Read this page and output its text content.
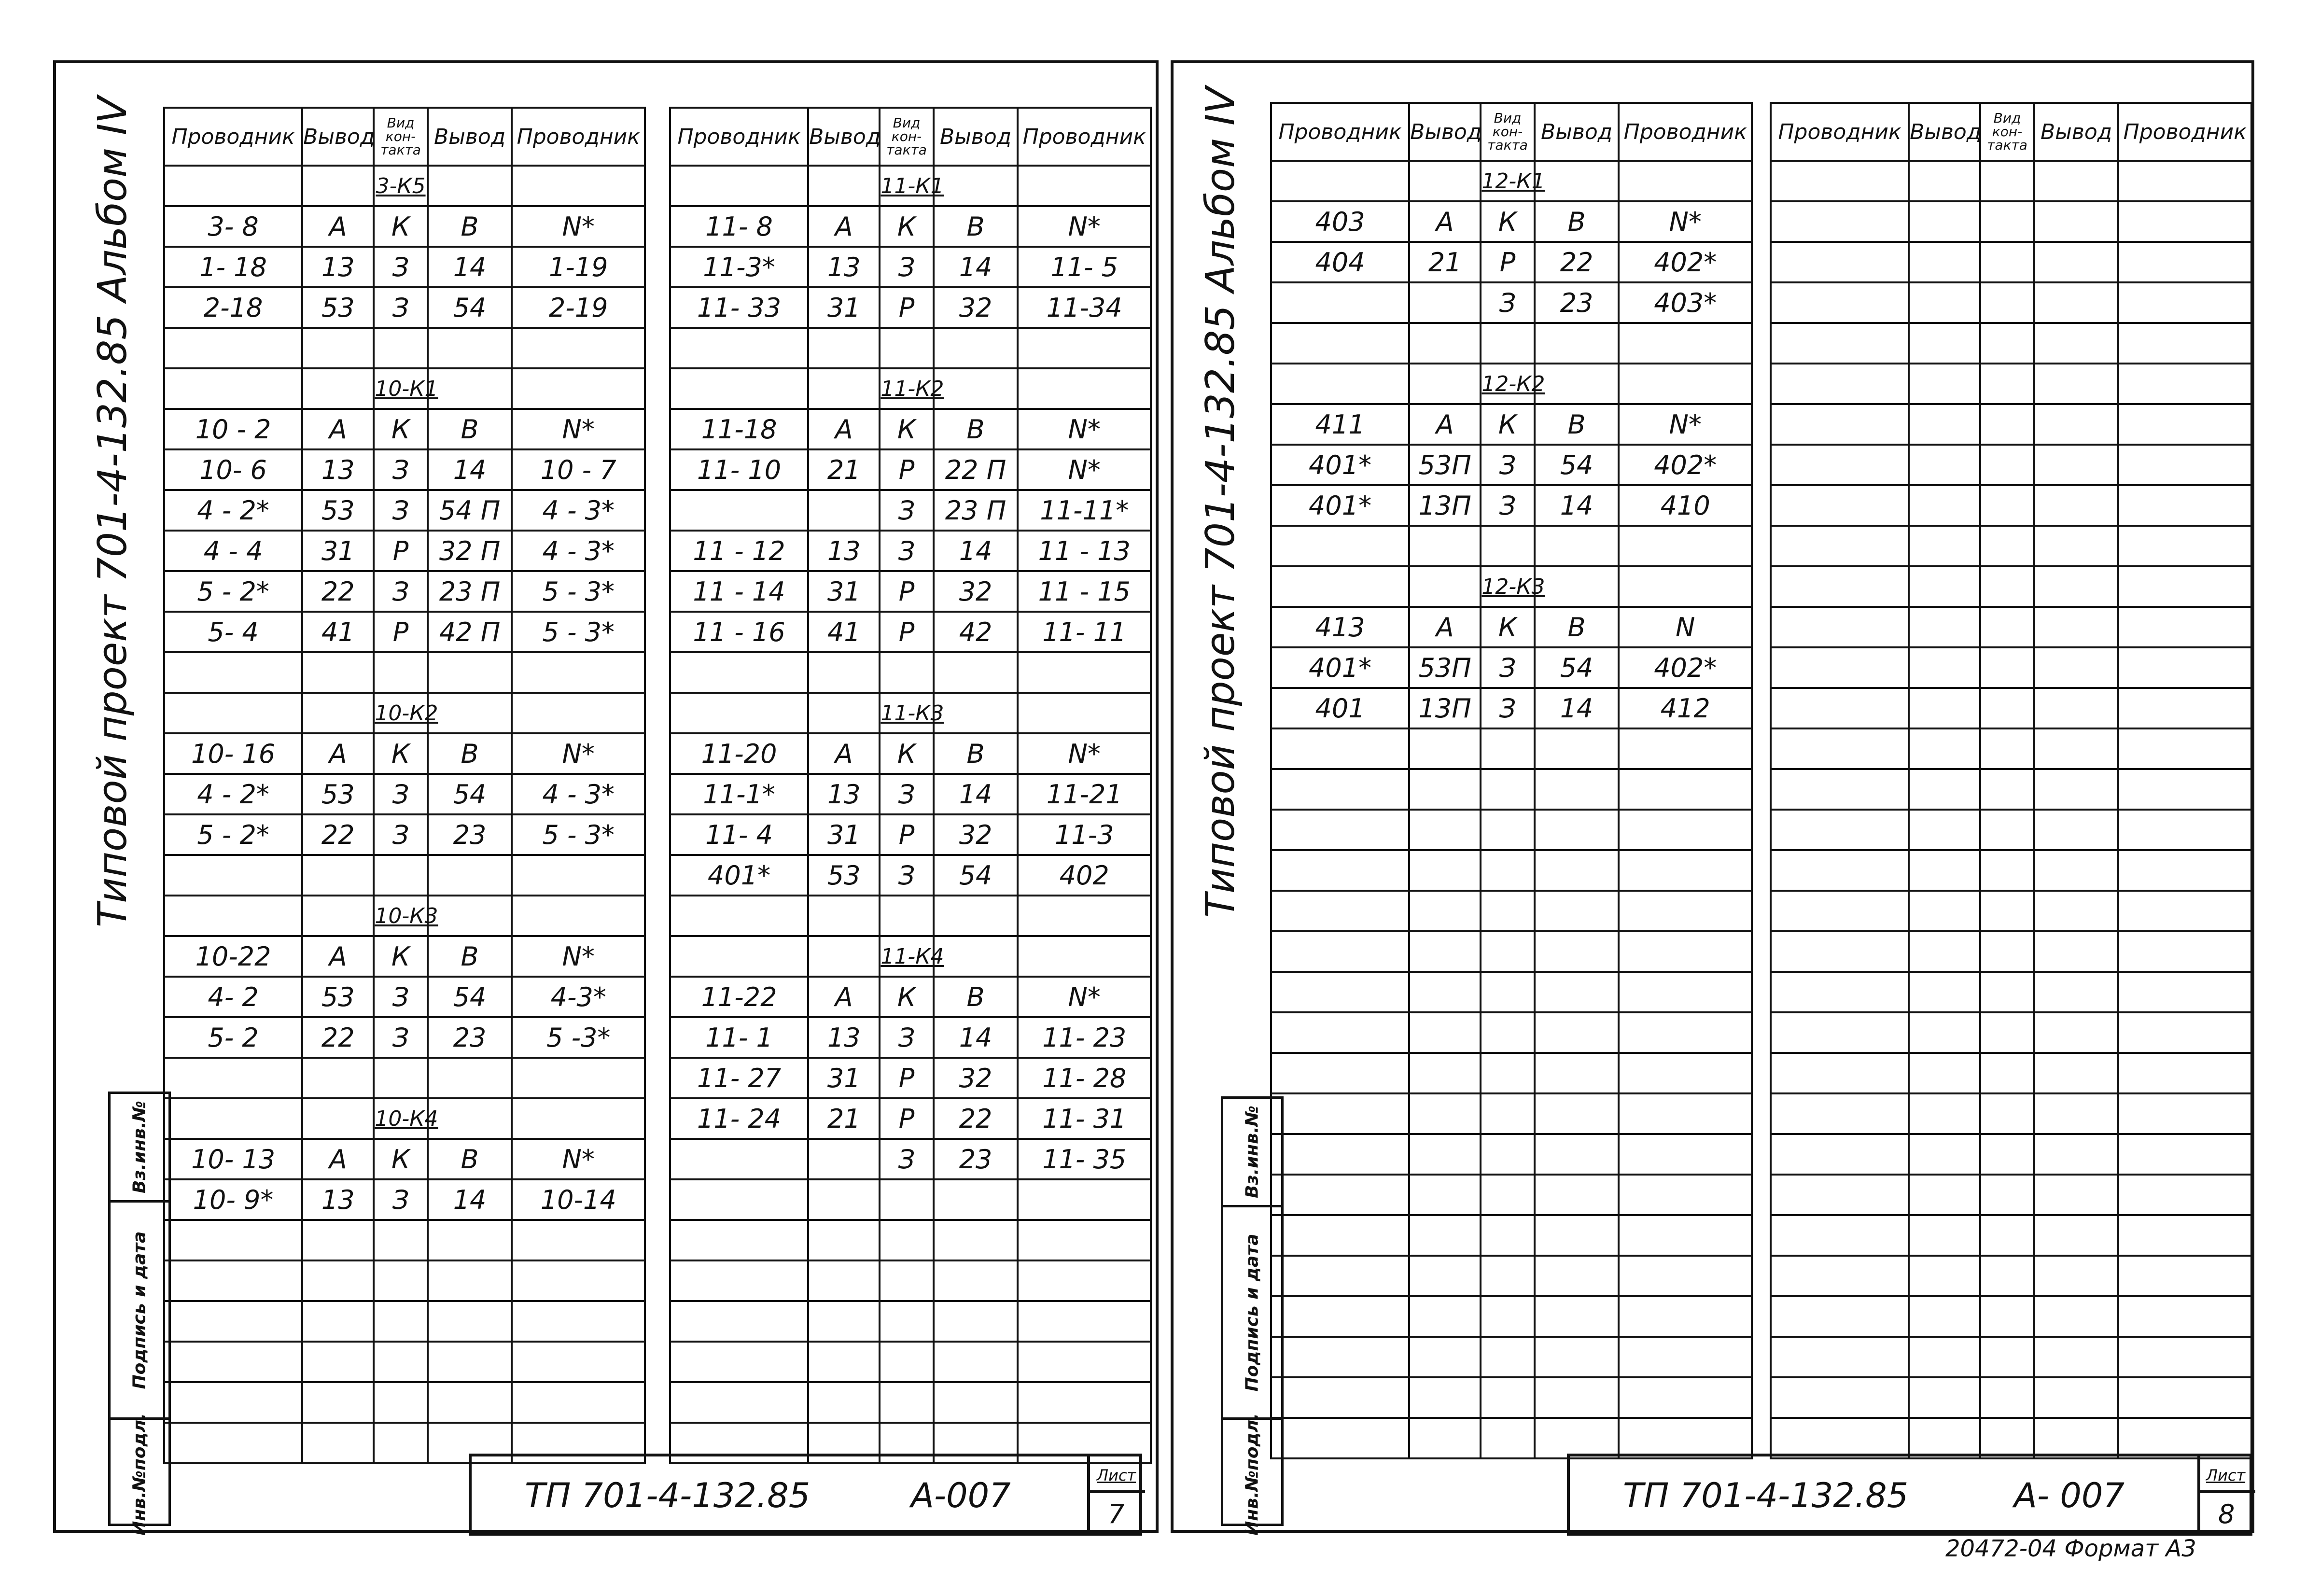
Типовой проект 701-4-132.85 Альбом IV
Вз.инв.№
Подпись и дата
Инв.№подл.
Проводник	Вывод	Вид кон- такта	Вывод	Проводник
		3-К5		
3- 8	А	К	В	N*
1- 18	13	З	14	1-19
2-18	53	З	54	2-19

		10-К1		
10 - 2	А	К	В	N*
10- 6	13	З	14	10 - 7
4 - 2*	53	З	54 П	4 - 3*
4 - 4	31	Р	32 П	4 - 3*
5 - 2*	22	З	23 П	5 - 3*
5- 4	41	Р	42 П	5 - 3*

		10-К2		
10- 16	А	К	В	N*
4 - 2*	53	З	54	4 - 3*
5 - 2*	22	З	23	5 - 3*

		10-К3		
10-22	А	К	В	N*
4- 2	53	З	54	4-3*
5- 2	22	З	23	5 -3*

		10-К4		
10- 13	А	К	В	N*
10- 9*	13	З	14	10-14

Проводник	Вывод	Вид кон- такта	Вывод	Проводник
		11-К1		
11- 8	А	К	В	N*
11-3*	13	З	14	11- 5
11- 33	31	Р	32	11-34

		11-К2		
11-18	А	К	В	N*
11- 10	21	Р	22 П	N*
		З	23 П	11-11*
11 - 12	13	З	14	11 - 13
11 - 14	31	Р	32	11 - 15
11 - 16	41	Р	42	11- 11

		11-К3		
11-20	А	К	В	N*
11-1*	13	З	14	11-21
11- 4	31	Р	32	11-3
401*	53	З	54	402

		11-К4		
11-22	А	К	В	N*
11- 1	13	З	14	11- 23
11- 27	31	Р	32	11- 28
11- 24	21	Р	22	11- 31
		З	23	11- 35

ТП 701-4-132.85	А-007
Лист
7
Типовой проект 701-4-132.85 Альбом IV
Вз.инв.№
Подпись и дата
Инв.№подл.
Проводник	Вывод	Вид кон- такта	Вывод	Проводник
		12-К1		
403	А	К	В	N*
404	21	Р	22	402*
		З	23	403*

		12-К2		
411	А	К	В	N*
401*	53П	З	54	402*
401*	13П	З	14	410

		12-К3		
413	А	К	В	N
401*	53П	З	54	402*
401	13П	З	14	412

Проводник	Вывод	Вид кон- такта	Вывод	Проводник

ТП 701-4-132.85	А- 007
Лист
8
20472-04 Формат А3
